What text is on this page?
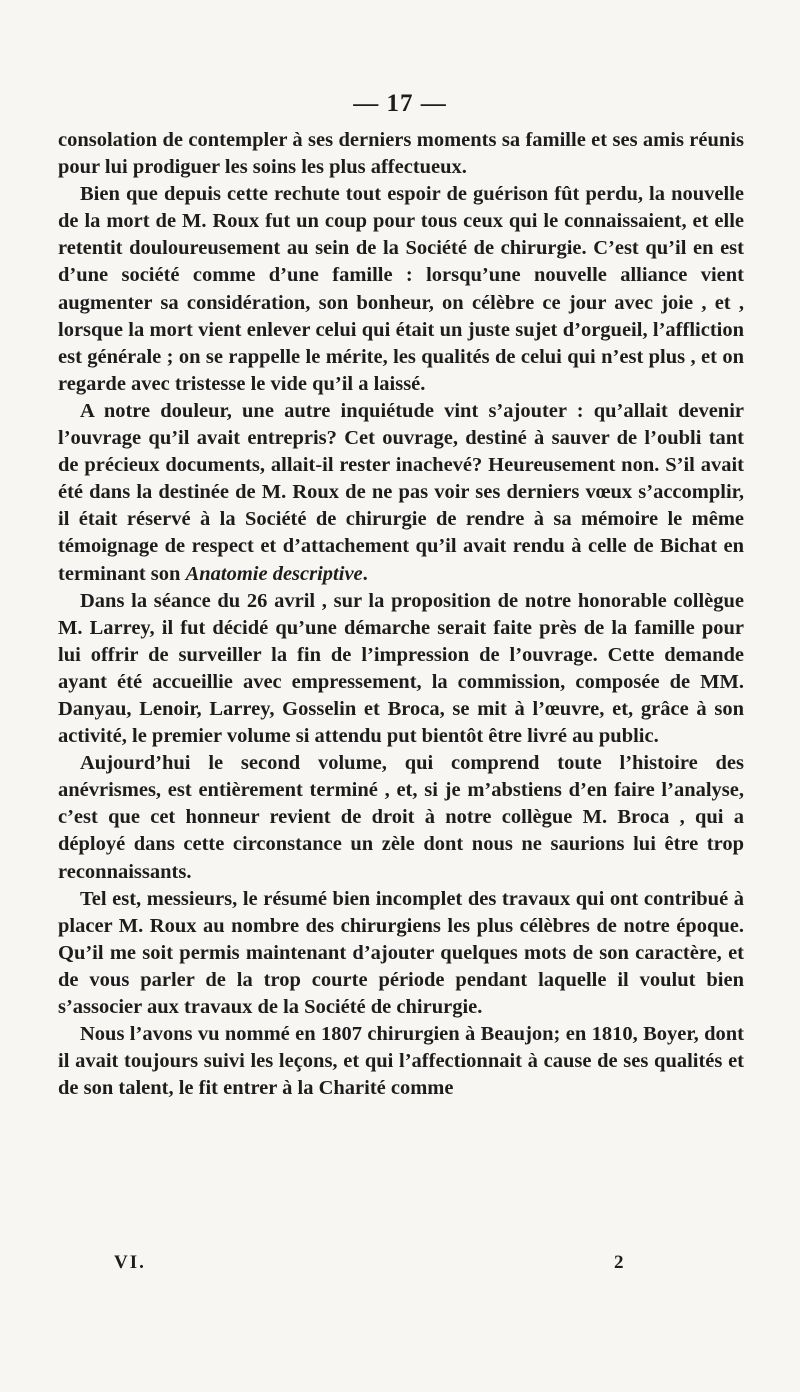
— 17 —

consolation de contempler à ses derniers moments sa famille et ses amis réunis pour lui prodiguer les soins les plus affectueux.

Bien que depuis cette rechute tout espoir de guérison fût perdu, la nouvelle de la mort de M. Roux fut un coup pour tous ceux qui le connaissaient, et elle retentit douloureusement au sein de la Société de chirurgie. C’est qu’il en est d’une société comme d’une famille : lorsqu’une nouvelle alliance vient augmenter sa considération, son bonheur, on célèbre ce jour avec joie , et , lorsque la mort vient enlever celui qui était un juste sujet d’orgueil, l’affliction est générale ; on se rappelle le mérite, les qualités de celui qui n’est plus , et on regarde avec tristesse le vide qu’il a laissé.

A notre douleur, une autre inquiétude vint s’ajouter : qu’allait devenir l’ouvrage qu’il avait entrepris? Cet ouvrage, destiné à sauver de l’oubli tant de précieux documents, allait-il rester inachevé? Heureusement non. S’il avait été dans la destinée de M. Roux de ne pas voir ses derniers vœux s’accomplir, il était réservé à la Société de chirurgie de rendre à sa mémoire le même témoignage de respect et d’attachement qu’il avait rendu à celle de Bichat en terminant son Anatomie descriptive.

Dans la séance du 26 avril , sur la proposition de notre honorable collègue M. Larrey, il fut décidé qu’une démarche serait faite près de la famille pour lui offrir de surveiller la fin de l’impression de l’ouvrage. Cette demande ayant été accueillie avec empressement, la commission, composée de MM. Danyau, Lenoir, Larrey, Gosselin et Broca, se mit à l’œuvre, et, grâce à son activité, le premier volume si attendu put bientôt être livré au public.

Aujourd’hui le second volume, qui comprend toute l’histoire des anévrismes, est entièrement terminé , et, si je m’abstiens d’en faire l’analyse, c’est que cet honneur revient de droit à notre collègue M. Broca , qui a déployé dans cette circonstance un zèle dont nous ne saurions lui être trop reconnaissants.

Tel est, messieurs, le résumé bien incomplet des travaux qui ont contribué à placer M. Roux au nombre des chirurgiens les plus célèbres de notre époque. Qu’il me soit permis maintenant d’ajouter quelques mots de son caractère, et de vous parler de la trop courte période pendant laquelle il voulut bien s’associer aux travaux de la Société de chirurgie.

Nous l’avons vu nommé en 1807 chirurgien à Beaujon; en 1810, Boyer, dont il avait toujours suivi les leçons, et qui l’affectionnait à cause de ses qualités et de son talent, le fit entrer à la Charité comme

VI.	2
